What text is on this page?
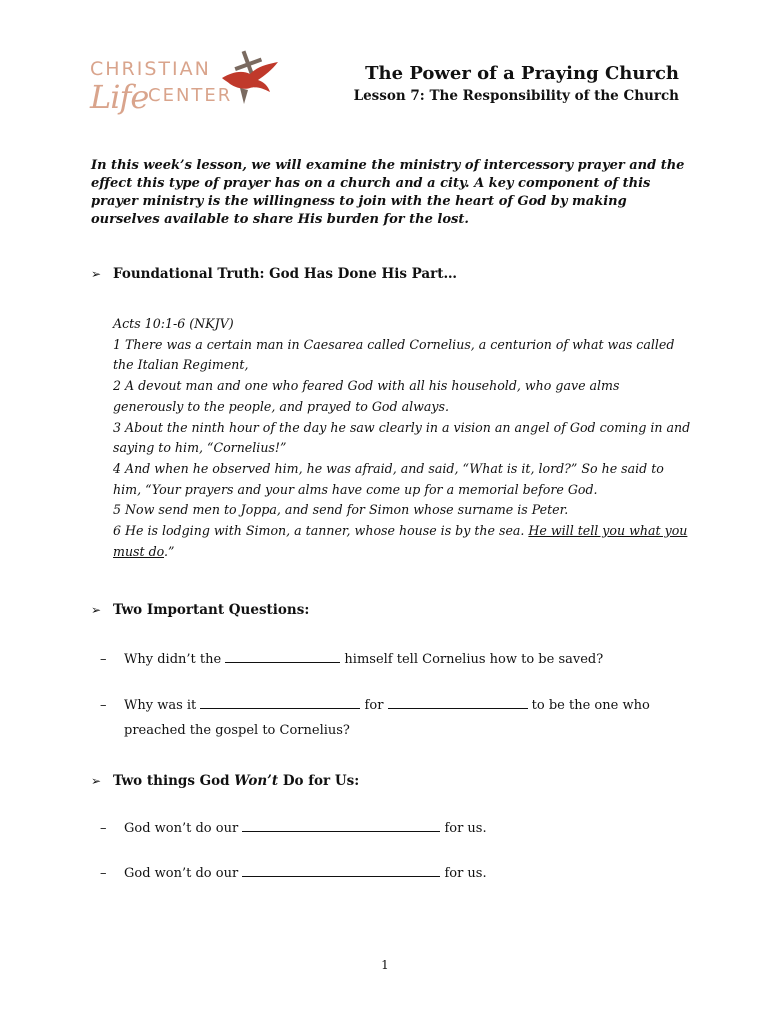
CHRISTIAN
Life CENTER
The Power of a Praying Church
Lesson 7: The Responsibility of the Church
In this week’s lesson, we will examine the ministry of intercessory prayer and the effect this type of prayer has on a church and a city. A key component of this prayer ministry is the willingness to join with the heart of God by making ourselves available to share His burden for the lost.
➢ Foundational Truth: God Has Done His Part…

Acts 10:1-6 (NKJV)

1 There was a certain man in Caesarea called Cornelius, a centurion of what was called the Italian Regiment,

2 A devout man and one who feared God with all his household, who gave alms generously to the people, and prayed to God always.

3 About the ninth hour of the day he saw clearly in a vision an angel of God coming in and saying to him, “Cornelius!”

4 And when he observed him, he was afraid, and said, “What is it, lord?” So he said to him, “Your prayers and your alms have come up for a memorial before God.

5 Now send men to Joppa, and send for Simon whose surname is Peter.

6 He is lodging with Simon, a tanner, whose house is by the sea. He will tell you what you must do.”

➢ Two Important Questions:
– Why didn’t the	himself tell Cornelius how to be saved?
– Why was it	for	to be the one who
preached the gospel to Cornelius?
➢ Two things God Won’t Do for Us:
– God won’t do our	for us.
– God won’t do our	for us.
1
